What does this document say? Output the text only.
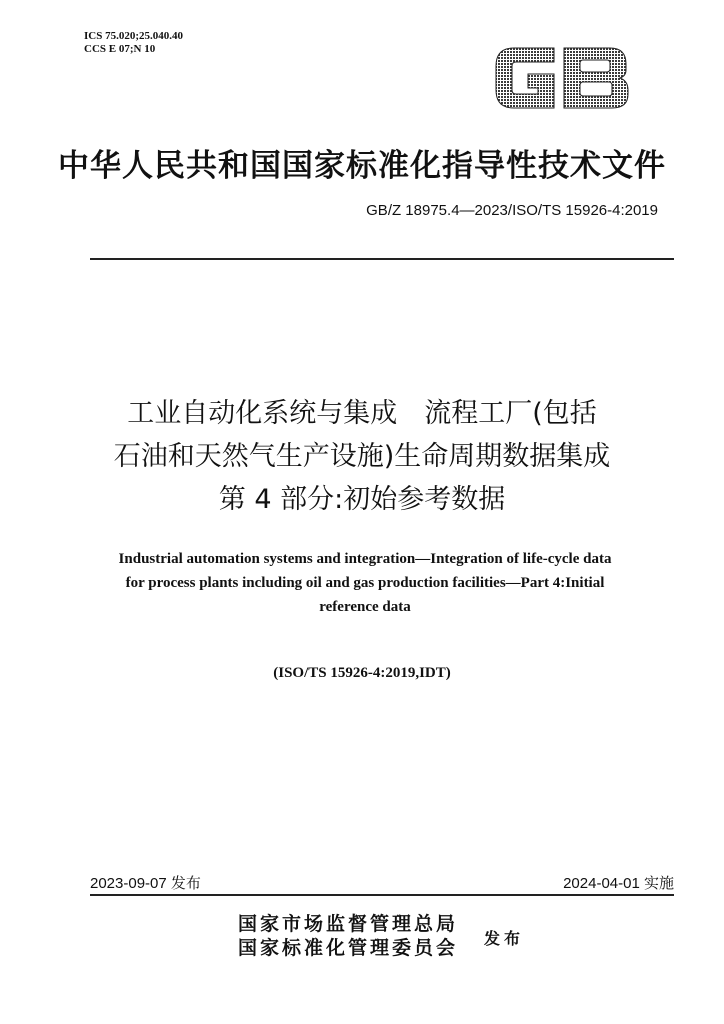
ICS 75.020;25.040.40
CCS E 07;N 10
中华人民共和国国家标准化指导性技术文件
GB/Z 18975.4—2023/ISO/TS 15926-4:2019
工业自动化系统与集成　流程工厂(包括
石油和天然气生产设施)生命周期数据集成
第 4 部分:初始参考数据
Industrial automation systems and integration—Integration of life-cycle data
for process plants including oil and gas production facilities—Part 4:Initial
reference data
(ISO/TS 15926-4:2019,IDT)
2023-09-07 发布	2024-04-01 实施
国家市场监督管理总局
国家标准化管理委员会 发布
